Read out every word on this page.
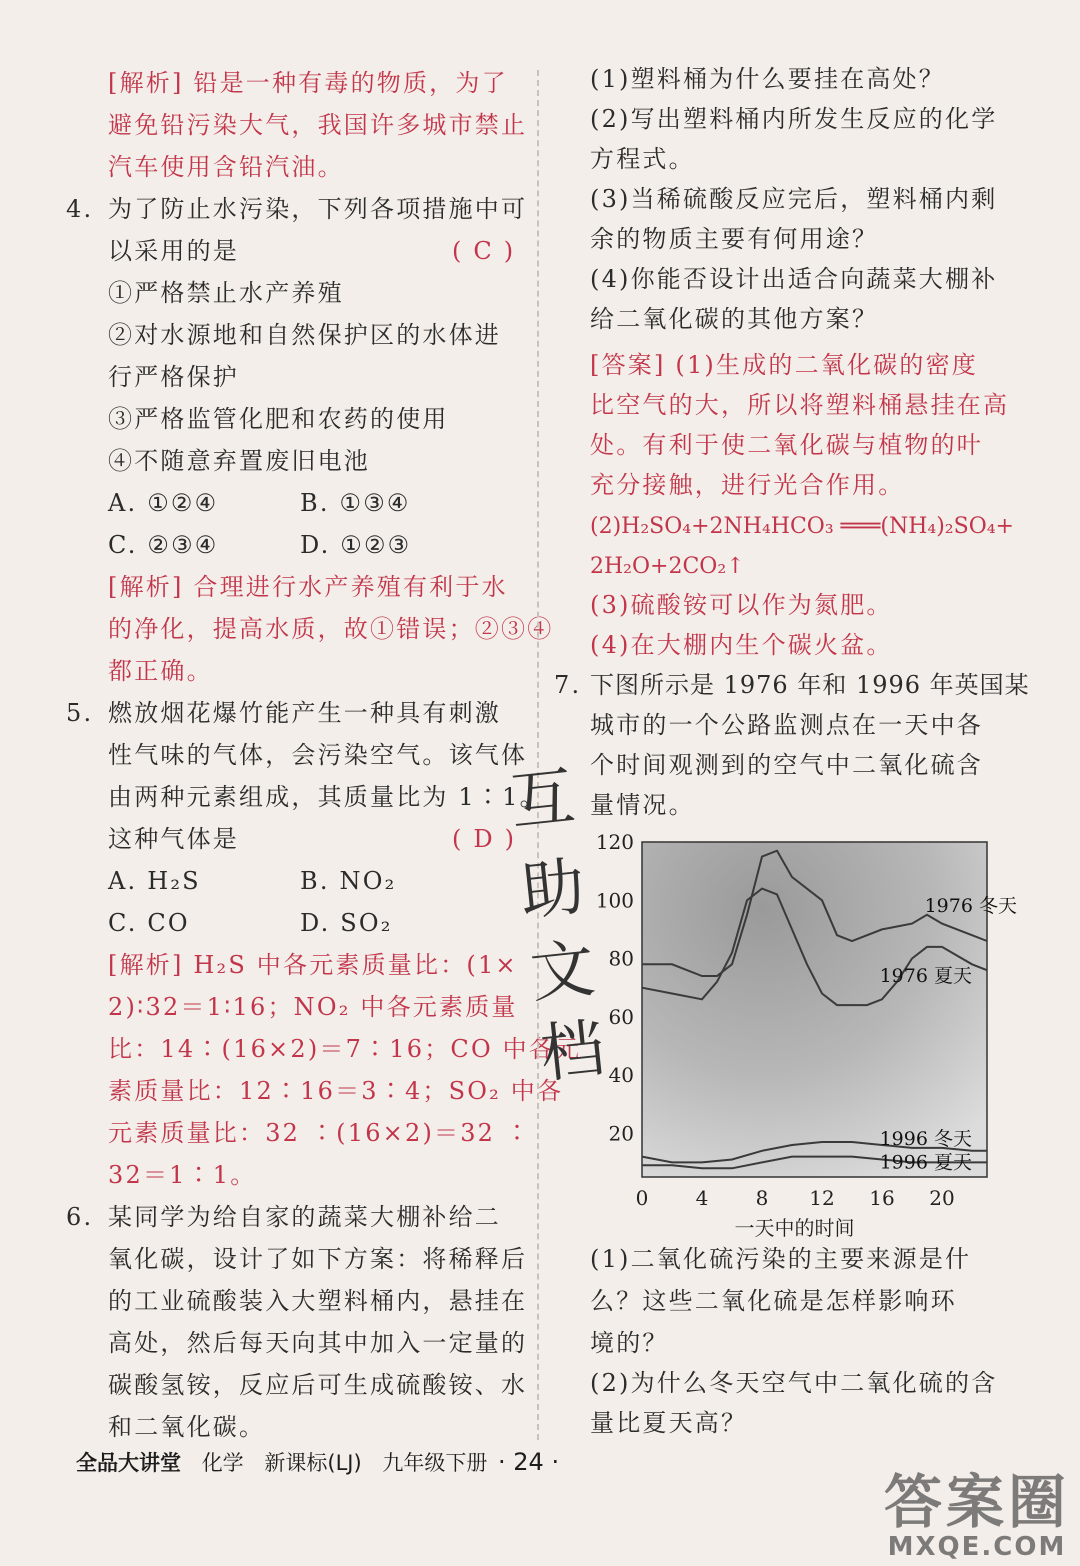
[解析] 铅是一种有毒的物质，为了
避免铅污染大气，我国许多城市禁止
汽车使用含铅汽油。
4. 为了防止水污染，下列各项措施中可
以采用的是	( C )
①严格禁止水产养殖
②对水源地和自然保护区的水体进
行严格保护
③严格监管化肥和农药的使用
④不随意弃置废旧电池
A. ①②④	B. ①③④
C. ②③④	D. ①②③
[解析] 合理进行水产养殖有利于水
的净化，提高水质，故①错误；②③④
都正确。
5. 燃放烟花爆竹能产生一种具有刺激
性气味的气体，会污染空气。该气体
由两种元素组成，其质量比为 1∶1。
这种气体是	( D )
A. H₂S	B. NO₂
C. CO	D. SO₂
[解析] H₂S 中各元素质量比：(1×
2)∶32＝1∶16；NO₂ 中各元素质量
比：14∶(16×2)＝7∶16；CO 中各元
素质量比：12∶16＝3∶4；SO₂ 中各
元素质量比：32 ∶(16×2)＝32 ∶
32＝1∶1。
6. 某同学为给自家的蔬菜大棚补给二
氧化碳，设计了如下方案：将稀释后
的工业硫酸装入大塑料桶内，悬挂在
高处，然后每天向其中加入一定量的
碳酸氢铵，反应后可生成硫酸铵、水
和二氧化碳。
(1)塑料桶为什么要挂在高处？
(2)写出塑料桶内所发生反应的化学
方程式。
(3)当稀硫酸反应完后，塑料桶内剩
余的物质主要有何用途？
(4)你能否设计出适合向蔬菜大棚补
给二氧化碳的其他方案？
[答案] (1)生成的二氧化碳的密度
比空气的大，所以将塑料桶悬挂在高
处。有利于使二氧化碳与植物的叶
充分接触，进行光合作用。
(2)H₂SO₄+2NH₄HCO₃ ═══(NH₄)₂SO₄+
2H₂O+2CO₂↑
(3)硫酸铵可以作为氮肥。
(4)在大棚内生个碳火盆。
7. 下图所示是 1976 年和 1996 年英国某
城市的一个公路监测点在一天中各
个时间观测到的空气中二氧化硫含
量情况。
(1)二氧化硫污染的主要来源是什
么？这些二氧化硫是怎样影响环
境的？
(2)为什么冬天空气中二氧化硫的含
量比夏天高？
20
40
60
80
100
120
0 4 8 12 16 20
一天中的时间
1976 冬天
1976 夏天
1996 冬天
1996 夏天
互
助
文
档
全品大讲堂 化学 新课标(LJ) 九年级下册 · 24 ·
答案圈
MXQE.COM
